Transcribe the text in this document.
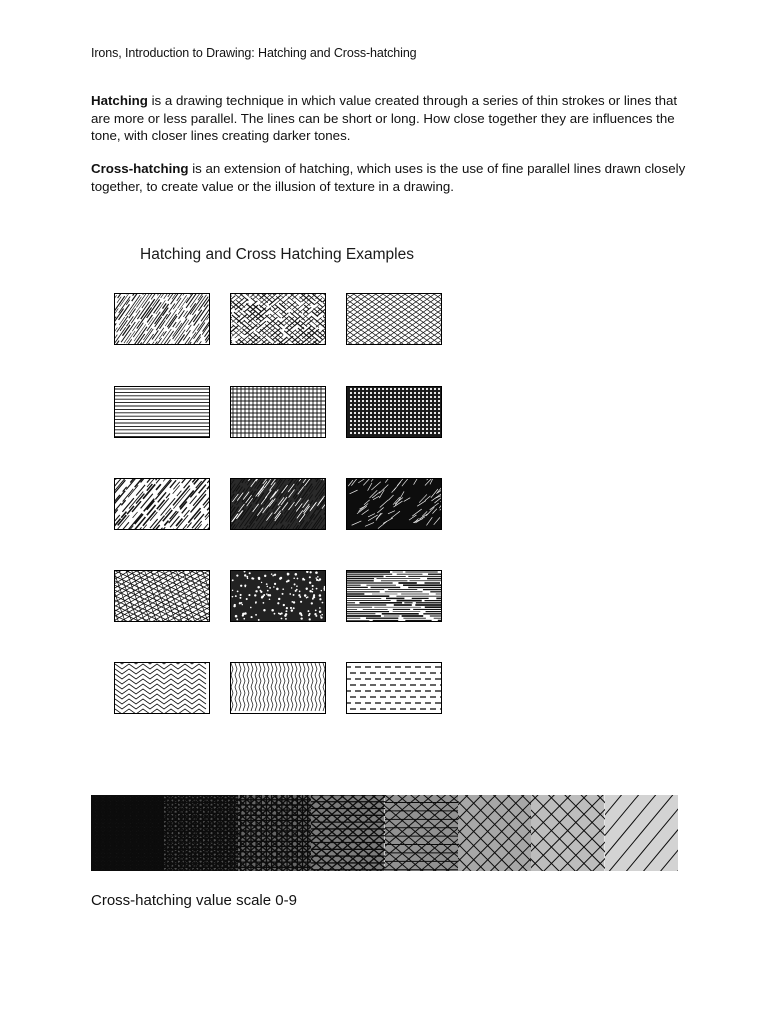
Irons, Introduction to Drawing: Hatching and Cross-hatching
Hatching is a drawing technique in which value created through a series of thin strokes or lines that are more or less parallel. The lines can be short or long. How close together they are influences the tone, with closer lines creating darker tones.
Cross-hatching is an extension of hatching, which uses is the use of fine parallel lines drawn closely together, to create value or the illusion of texture in a drawing.
Hatching and Cross Hatching Examples
Cross-hatching value scale 0-9
